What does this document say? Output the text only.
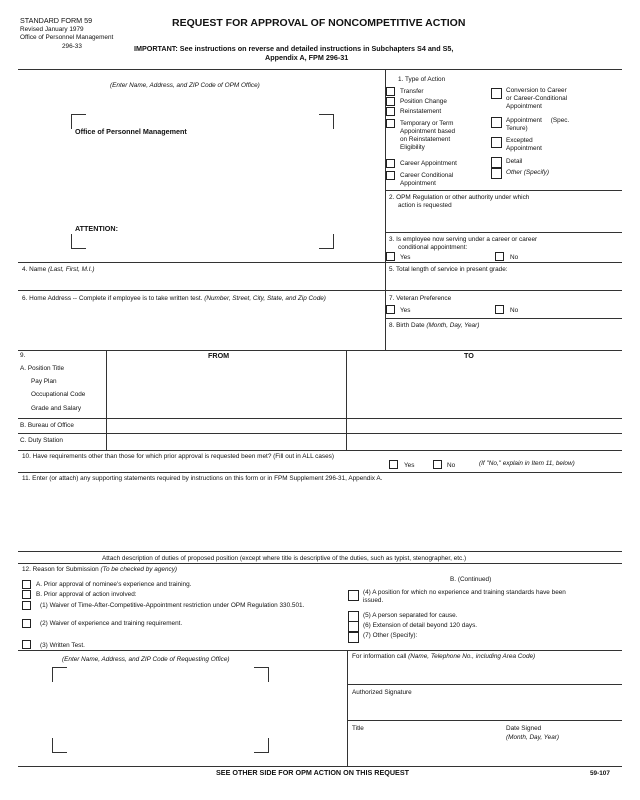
STANDARD FORM 59
Revised January 1979
Office of Personnel Management
296-33
REQUEST FOR APPROVAL OF NONCOMPETITIVE ACTION
IMPORTANT: See instructions on reverse and detailed instructions in Subchapters S4 and S5,
Appendix A, FPM 296-31
(Enter Name, Address, and ZIP Code of OPM Office)
Office of Personnel Management
ATTENTION:
1. Type of Action
Transfer
Position Change
Reinstatement
Temporary or Term
Appointment based
on Reinstatement
Eligibility
Career Appointment
Career Conditional
Appointment
Conversion to Career
or Career-Conditional
Appointment
Appointment     (Spec.
Tenure)
Excepted
Appointment
Detail
Other (Specify)
2. OPM Regulation or other authority under which
action is requested
3. Is employee now serving under a career or career
conditional appointment:
Yes	No
4. Name (Last, First, M.I.)	5. Total length of service in present grade:
6. Home Address -- Complete if employee is to take written test. (Number, Street, City, State, and Zip Code)	7. Veteran Preference
Yes	No
8. Birth Date (Month, Day, Year)
9.	FROM	TO
A. Position Title
Pay Plan
Occupational Code
Grade and Salary
B. Bureau of Office
C. Duty Station
10. Have requirements other than those for which prior approval is requested been met? (Fill out in ALL cases)
Yes	No	(If "No," explain in Item 11, below)
11. Enter (or attach) any supporting statements required by instructions on this form or in FPM Supplement 296-31, Appendix A.
Attach description of duties of proposed position (except where title is descriptive of the duties, such as typist, stenographer, etc.)
12. Reason for Submission (To be checked by agency)
A. Prior approval of nominee's experience and training.
B. Prior approval of action involved:
(1) Waiver of Time-After-Competitive-Appointment restriction under OPM Regulation 330.501.
(2) Waiver of experience and training requirement.
(3) Written Test.
B. (Continued)
(4) A position for which no experience and training standards have been
issued.
(5) A person separated for cause.
(6) Extension of detail beyond 120 days.
(7) Other (Specify):
(Enter Name, Address, and ZIP Code of Requesting Office)	For information call (Name, Telephone No., including Area Code)
Authorized Signature
Title	Date Signed
(Month, Day, Year)
SEE OTHER SIDE FOR OPM ACTION ON THIS REQUEST	59-107
